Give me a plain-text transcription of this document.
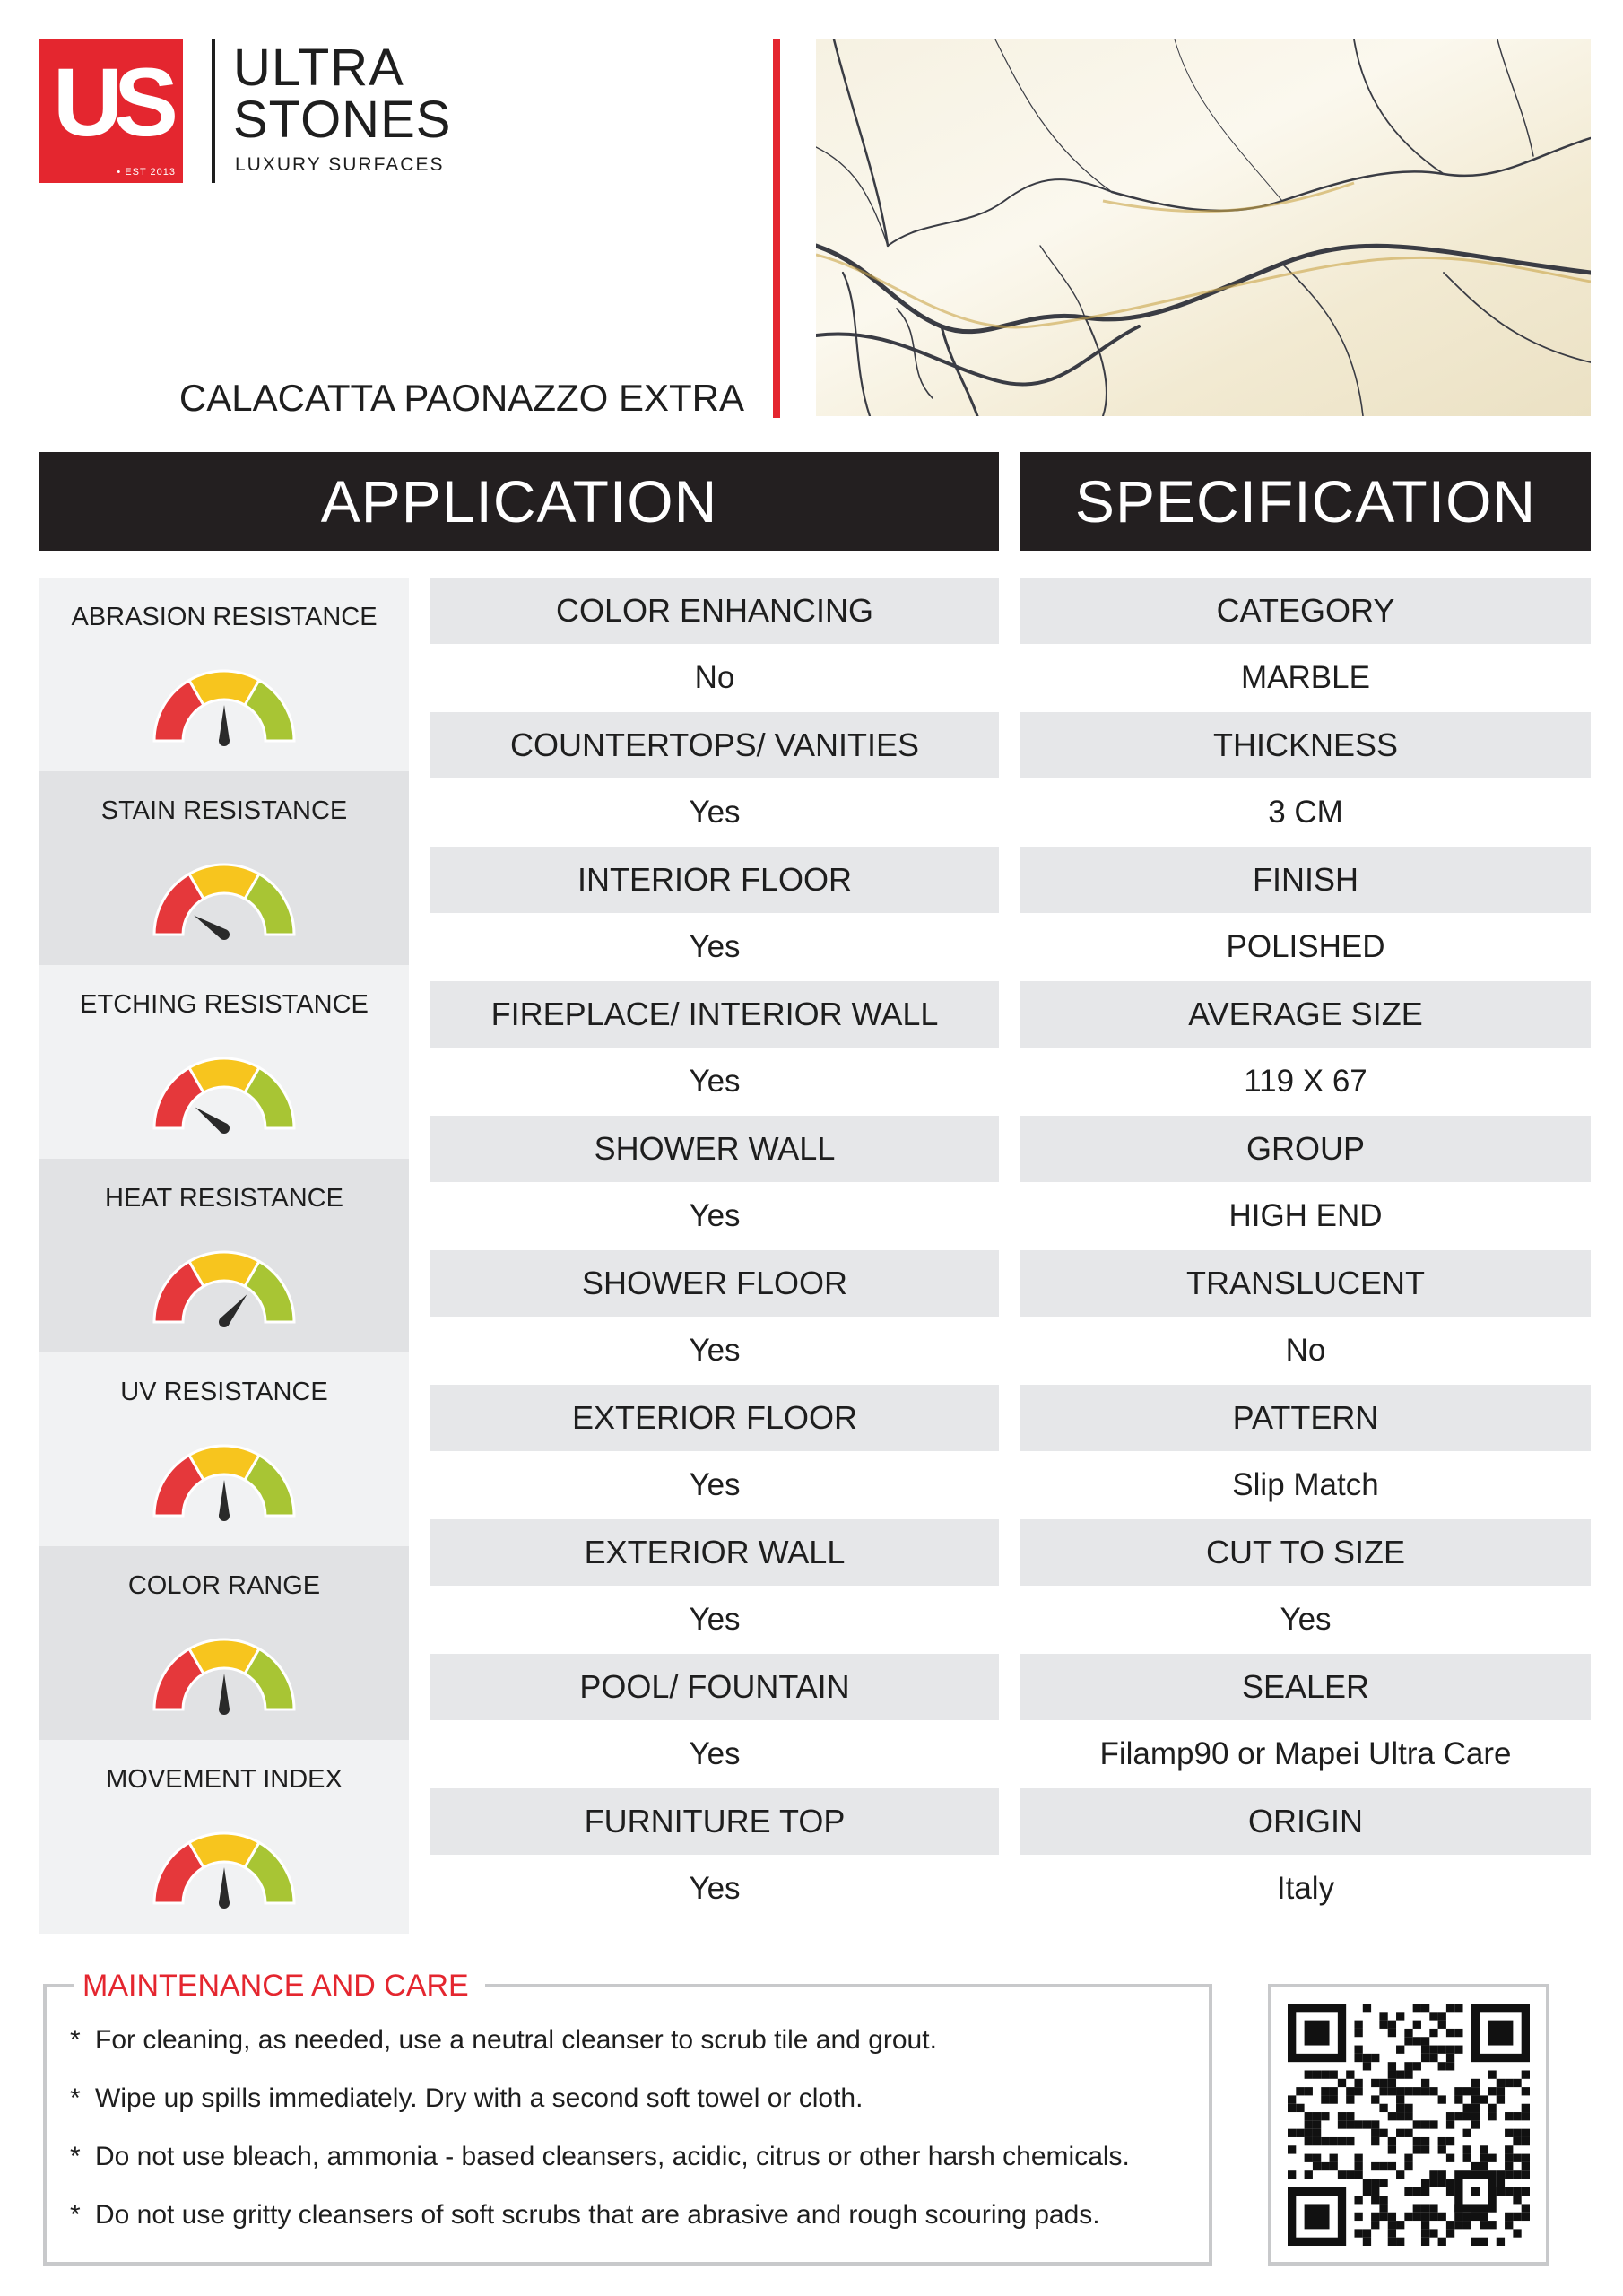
US
• EST 2013
ULTRA
STONES
LUXURY SURFACES
CALACATTA PAONAZZO EXTRA
APPLICATION	SPECIFICATION
ABRASION RESISTANCE
STAIN RESISTANCE
ETCHING RESISTANCE
HEAT RESISTANCE
UV RESISTANCE
COLOR RANGE
MOVEMENT INDEX
COLOR ENHANCING
No
COUNTERTOPS/ VANITIES
Yes
INTERIOR FLOOR
Yes
FIREPLACE/ INTERIOR WALL
Yes
SHOWER WALL
Yes
SHOWER FLOOR
Yes
EXTERIOR FLOOR
Yes
EXTERIOR WALL
Yes
POOL/ FOUNTAIN
Yes
FURNITURE TOP
Yes
CATEGORY
MARBLE
THICKNESS
3 CM
FINISH
POLISHED
AVERAGE SIZE
119 X 67
GROUP
HIGH END
TRANSLUCENT
No
PATTERN
Slip Match
CUT TO SIZE
Yes
SEALER
Filamp90 or Mapei Ultra Care
ORIGIN
Italy
MAINTENANCE AND CARE
* For cleaning, as needed, use a neutral cleanser to scrub tile and grout.
* Wipe up spills immediately. Dry with a second soft towel or cloth.
* Do not use bleach, ammonia - based cleansers, acidic, citrus or other harsh chemicals.
* Do not use gritty cleansers of soft scrubs that are abrasive and rough scouring pads.
